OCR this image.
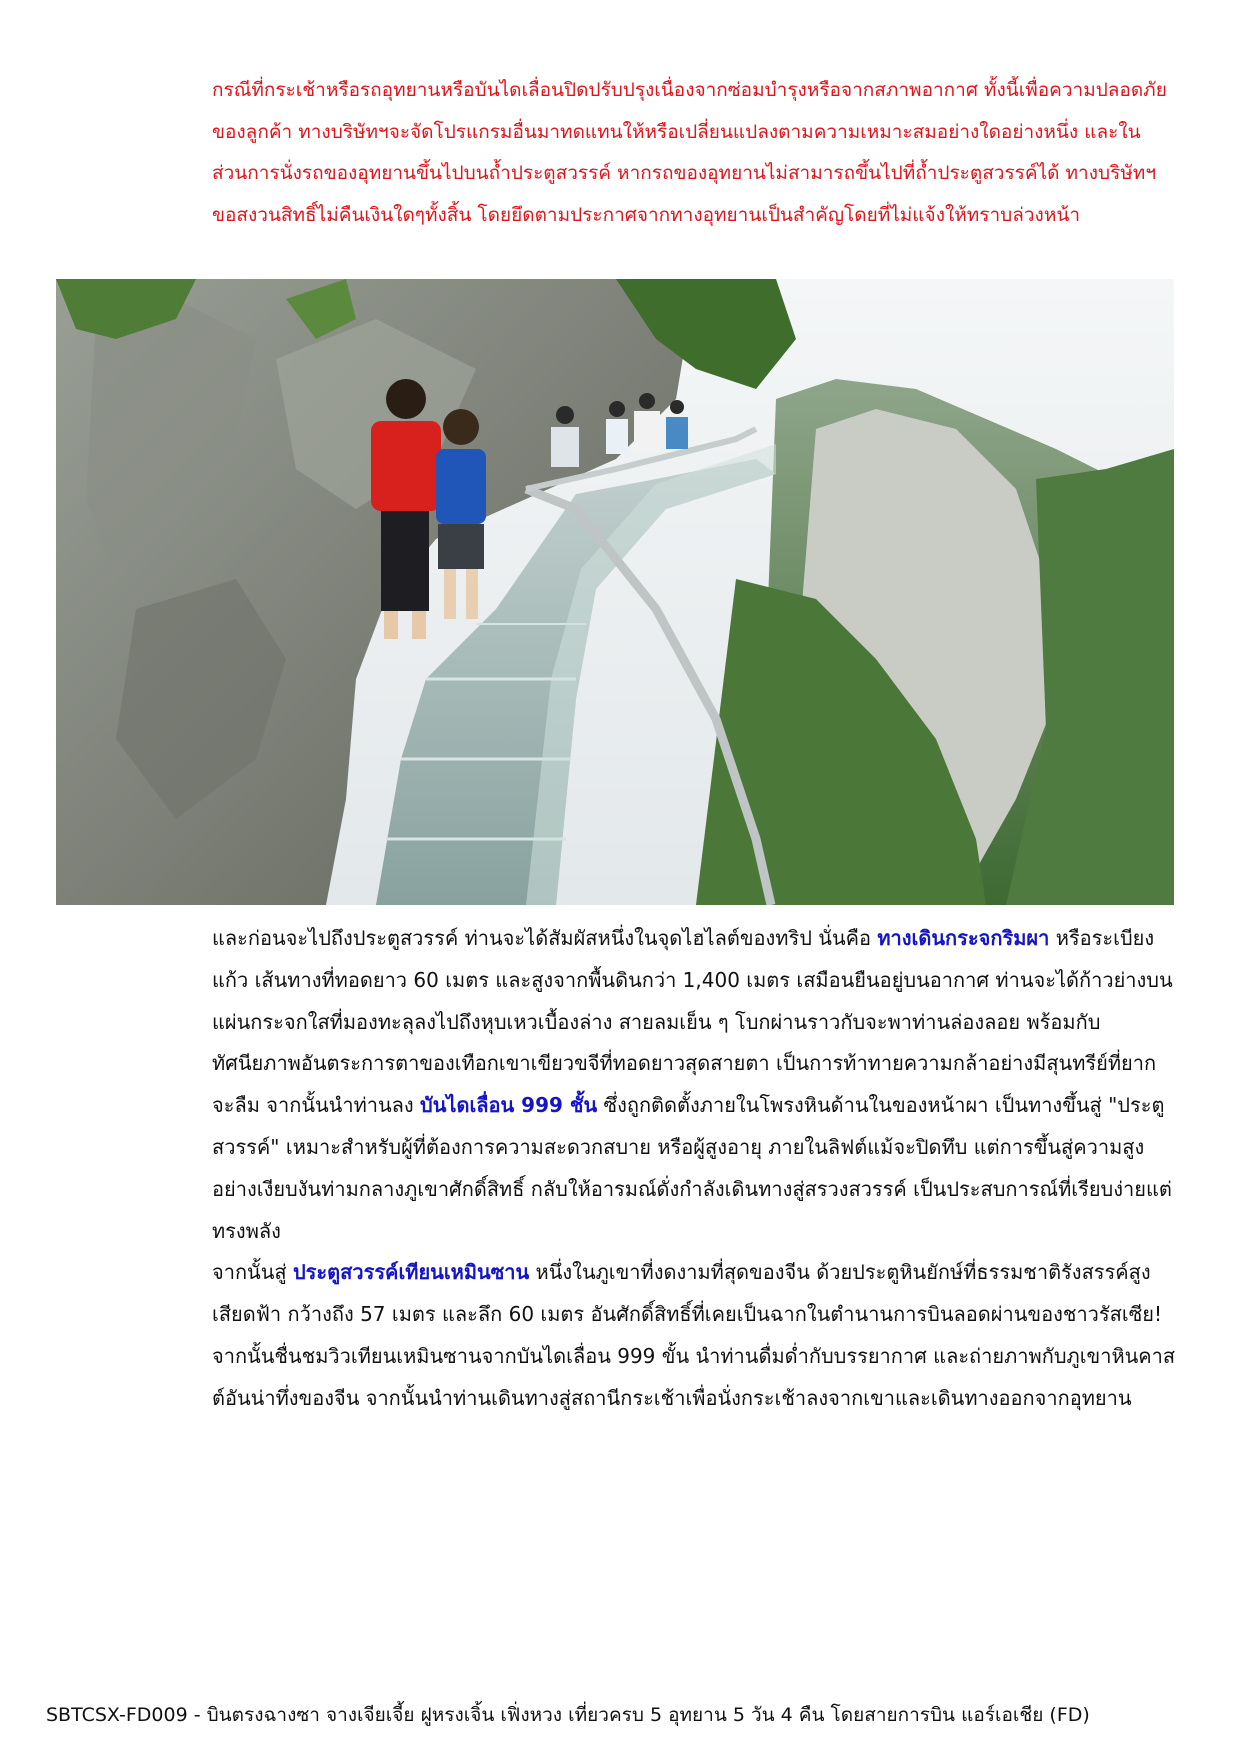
กรณีที่กระเช้าหรือรถอุทยานหรือบันไดเลื่อนปิดปรับปรุงเนื่องจากซ่อมบำรุงหรือจากสภาพอากาศ ทั้งนี้เพื่อความปลอดภัยของลูกค้า ทางบริษัทฯจะจัดโปรแกรมอื่นมาทดแทนให้หรือเปลี่ยนแปลงตามความเหมาะสมอย่างใดอย่างหนึ่ง และในส่วนการนั่งรถของอุทยานขึ้นไปบนถ้ำประตูสวรรค์ หากรถของอุทยานไม่สามารถขึ้นไปที่ถ้ำประตูสวรรค์ได้ ทางบริษัทฯ ขอสงวนสิทธิ์ไม่คืนเงินใดๆทั้งสิ้น โดยยึดตามประกาศจากทางอุทยานเป็นสำคัญโดยที่ไม่แจ้งให้ทราบล่วงหน้า

และก่อนจะไปถึงประตูสวรรค์ ท่านจะได้สัมผัสหนึ่งในจุดไฮไลต์ของทริป นั่นคือ ทางเดินกระจกริมผา หรือระเบียงแก้ว เส้นทางที่ทอดยาว 60 เมตร และสูงจากพื้นดินกว่า 1,400 เมตร เสมือนยืนอยู่บนอากาศ ท่านจะได้ก้าวย่างบนแผ่นกระจกใสที่มองทะลุลงไปถึงหุบเหวเบื้องล่าง สายลมเย็น ๆ โบกผ่านราวกับจะพาท่านล่องลอย พร้อมกับทัศนียภาพอันตระการตาของเทือกเขาเขียวขจีที่ทอดยาวสุดสายตา เป็นการท้าทายความกล้าอย่างมีสุนทรีย์ที่ยากจะลืม จากนั้นนำท่านลง บันไดเลื่อน 999 ชั้น ซึ่งถูกติดตั้งภายในโพรงหินด้านในของหน้าผา เป็นทางขึ้นสู่ "ประตูสวรรค์" เหมาะสำหรับผู้ที่ต้องการความสะดวกสบาย หรือผู้สูงอายุ ภายในลิฟต์แม้จะปิดทึบ แต่การขึ้นสู่ความสูงอย่างเงียบงันท่ามกลางภูเขาศักดิ์สิทธิ์ กลับให้อารมณ์ดั่งกำลังเดินทางสู่สรวงสวรรค์ เป็นประสบการณ์ที่เรียบง่ายแต่ทรงพลัง

จากนั้นสู่ ประตูสวรรค์เทียนเหมินซาน หนึ่งในภูเขาที่งดงามที่สุดของจีน ด้วยประตูหินยักษ์ที่ธรรมชาติรังสรรค์สูงเสียดฟ้า กว้างถึง 57 เมตร และลึก 60 เมตร อันศักดิ์สิทธิ์ที่เคยเป็นฉากในตำนานการบินลอดผ่านของชาวรัสเซีย! จากนั้นชื่นชมวิวเทียนเหมินซานจากบันไดเลื่อน 999 ขั้น นำท่านดื่มด่ำกับบรรยากาศ และถ่ายภาพกับภูเขาหินคาสต์อันน่าทึ่งของจีน จากนั้นนำท่านเดินทางสู่สถานีกระเช้าเพื่อนั่งกระเช้าลงจากเขาและเดินทางออกจากอุทยาน

SBTCSX-FD009 - บินตรงฉางซา จางเจียเจี้ย ฝูหรงเจิ้น เฟิ่งหวง เที่ยวครบ 5 อุทยาน 5 วัน 4 คืน โดยสายการบิน แอร์เอเชีย (FD)
